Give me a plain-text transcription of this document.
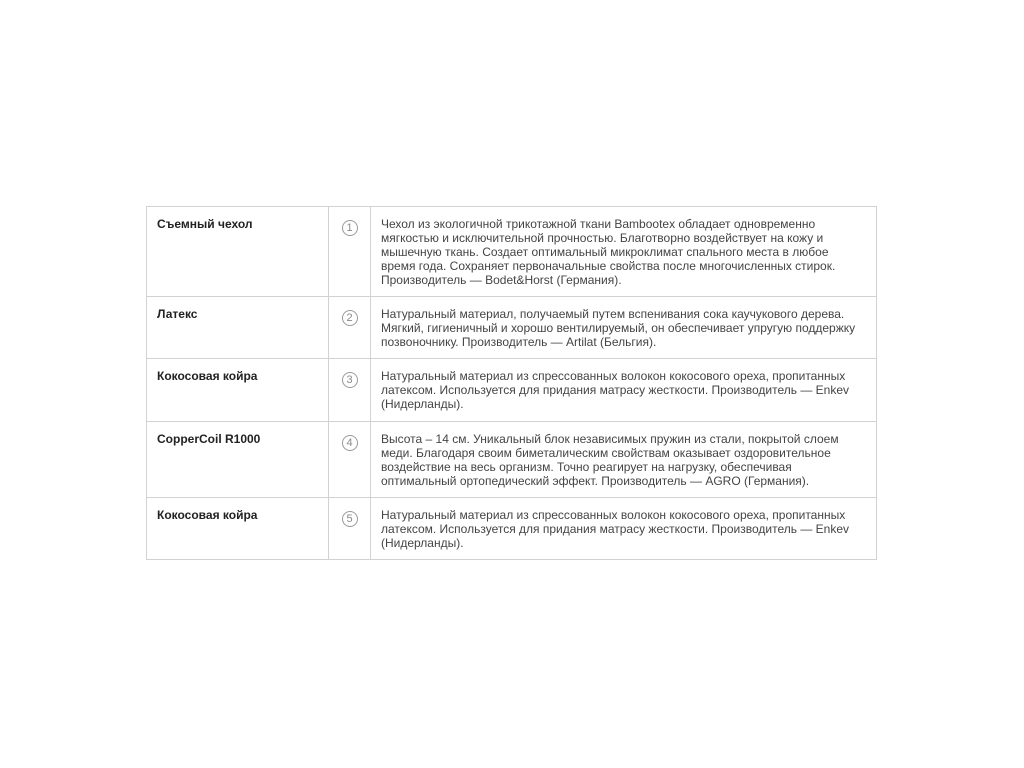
Съемный чехол	1	Чехол из экологичной трикотажной ткани Bambootex обладает одновременно мягкостью и исключительной прочностью. Благотворно воздействует на кожу и мышечную ткань. Создает оптимальный микроклимат спального места в любое время года. Сохраняет первоначальные свойства после многочисленных стирок. Производитель — Bodet&Horst (Германия).
Латекс	2	Натуральный материал, получаемый путем вспенивания сока каучукового дерева. Мягкий, гигиеничный и хорошо вентилируемый, он обеспечивает упругую поддержку позвоночнику. Производитель — Artilat (Бельгия).
Кокосовая койра	3	Натуральный материал из спрессованных волокон кокосового ореха, пропитанных латексом. Используется для придания матрасу жесткости. Производитель — Enkev (Нидерланды).
CopperCoil R1000	4	Высота – 14 см. Уникальный блок независимых пружин из стали, покрытой слоем меди. Благодаря своим биметалическим свойствам оказывает оздоровительное воздействие на весь организм. Точно реагирует на нагрузку, обеспечивая оптимальный ортопедический эффект. Производитель — AGRO (Германия).
Кокосовая койра	5	Натуральный материал из спрессованных волокон кокосового ореха, пропитанных латексом. Используется для придания матрасу жесткости. Производитель — Enkev (Нидерланды).
